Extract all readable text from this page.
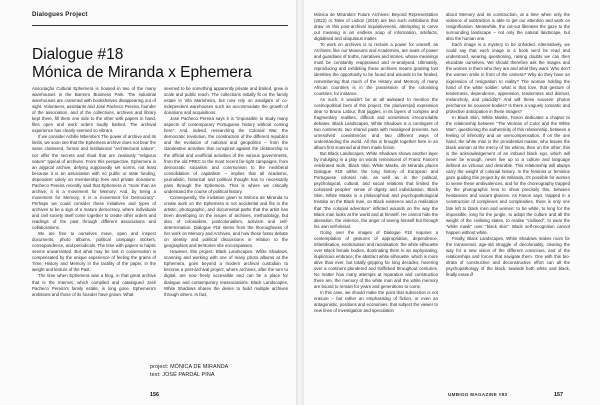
Dialogues Project
Dialogue #18
Mónica de Miranda x Ephemera

Associação Cultural Ephemera is housed in two of the many warehouses in the Barreiro Business Park. The industrial warehouses are crammed with bookshelves disappearing out of sight. Volunteers, assistants and José Pacheco Pereira, founder of the association, and of the collections, archives and library kept there, fill them one side to the other with papers in hand, files open and work orders loudly barked. The archival experience has clearly seemed so vibrant.

If we consider Achille Mbembe's The power of archive and its limits, we soon see that the Ephemera archive does not bear the same cloistered, formal and institutional "architectural nature", nor offer the secrets and ritual that are zealously "religious nature" typical of archives. From this perspective, Ephemera is an atypical archive, defying supposedly set norms, not least because it is an association with no public or state funding, dependent solely on membership fees and private donations. Pacheco Pereira recently said that Ephemera is "more than an archive, it is a movement for Memory. And, by being a movement for Memory, it is a movement for Democracy". Perhaps we could consider these initiatives and types of archives to be a sign of a mature democracy, where individuals and civil society itself come together to create other orders and readings of the past through different associations and collaborations.

We are free to ourselves move, open and inspect documents, photo albums, political campaign stickers, correspondence, and periodicals. The time with papers to haptic seems unwarranted. But what may be lost in conservation is compensated by the unique experience of feeling the grains of Time, History and Memory in the tactility of the paper, in the weight and texture of the Past.

The time when Ephemera was a blog, in that great archive that is the Internet, which compiled and catalogued José Pacheco Pereira's family estate, is long gone. Ephemera's ambitions and those of its founder have grown. What

seemed to be something apparently private and limited, grew in scale and public reach. The collections initially fit on the family estate in Vila Marinheira, but now rely on amalgam of co-independent warehouses such as accommodate the growth of donations and acquisitions.

José Pacheco Pereira says it is "impossible to study many aspects of contemporary Portuguese history without coming here". And, indeed, researching the Colonial War, the democratic revolution, the construction of the different republics and the evolution of national and geopolitics – from the clandestine activities that conspired against the dictatorship to the official and unofficial activities of the various governments, from the old PREC to the most recent far-right campaigns, from democratic socialism and communism to the neoliberal consolidation of capitalism – implies that all academic, journalistic, historical and political thought has to necessarily pass through the Ephemera. That is where we critically understand the course of political history.

Consequently, the invitation given to Mónica de Miranda to create work on the Ephemera is not accidental and fits in the artistic, photographic, and documental paths that the artist has been developing on the issues of archives, methodology, but also of colonialism, postcolonialism, activism and self-determination. Dialogue #18 stems from the thoroughness of her work on Memory and Archives, and how these foster debate on identity and political discussions in relation to the geographies and territories she encompasses.

However, this project, Black Landscapes, White Shadows, scanning and working with one of many photo albums at the Ephemera, goes beyond a modern archival custodian to become a post-archival project, where archives, after the turn to digital, are now freely accessible and can be a place for dialogue and contemporary reassociations. Black Landscapes, White Shadows shares the desire to build multiple archives through others. In fact,

project: MÓNICA DE MIRANDA
text: JOSÉ PARDAL PINA
156

Mónica de Miranda's Future Archives: Beyond Representation (2022) or Tales of Lisbon (2019) are two such exhibitions that draw on this post-archival inquisitiveness, attempting to carve out meaning in an endless soup of information, artefacts, digitalised and ubiquitous matter.

To work on archives is to reclaim a power for oneself, as Archives, like our Museums and Academies, are seats of power and guardians of truths, narratives and stories, whose meanings must be constantly reappraised and re-analysed. Ultimately, reproducing and exhibiting these archives means granting lost identities the opportunity to be found and wounds to be healed, remembering that much of the History and Memory of many African countries is in the possession of the colonising countries, for instance.

As such, it wouldn't be at all awkward to mention the cosmopolitical bent of this project, the plurivers(al) expression dear to Bruno Latour, that juggles, in its layers of complex and fragmentary realities, difficult and sometimes irreconcilable debates. Black Landscapes, White Shadows is a contingent of two continents, two shared pasts with misaligned presents, two unresolved coexistences and two different ways of understanding the world. All this is brought together here in an album first scanned and then made fiction.

But Black Landscapes, White Shadows shows another layer by indulging in a play on words reminiscent of Frantz Fanon's celebrated work, Black Skin, White Masks, de Miranda places Dialogue #18 within the long history of European and Portuguese colonial rule, as well as in the political, psychological, cultural, and social relations that limited the colonised peoples' sense of dignity and individuation. Black Skin, White Masks is a philosophical and psychopathological treatise on the Black man, on Black existence and a realisation that "the colonial adventure" inflicted wounds on the way the Black man looks at the world and at himself. He cannot hide the alienation, the violence, the anger of seeing himself but through his own self-denial.

Going over the images of Dialogue #18 requires a contemplation of gestures of appropriation, dependence, infantilisation, exoticisation and racialisation: the white silhouette over Black female bodies, dominating them in an asphyxiating, duplicitous embrace; the abstract white silhouette, which is more alive than ever, but totally gripping for long decades, hovering over a continent plundered and trafficked throughout centuries. No matter how many attempts at reparation and construction there are, the memory of the white man and the white memory are bound to remain for years and generations to come.

In this case, we should make the point that subsection is not erasure – but rather an emphasising of fiction, or even an antagonistic, positions and economies, that subject the viewer to new lines of investigation and speculation

about Memory and its construction, at a time when only the violence of subtraction is able to get our attention and work on resignification. Meanwhile, the cut-out liberates the gaze to the surrounding landscape – not only the natural landscape, but also the human one.

Each image is a mystery to be unfolded. Alternatively, we could say that each image is a book we'd be read and understood, wearing questioning, raising doubts we can then elucidate ourselves. We should therefore ask the images and the women in them who they are and what they want. Who don't the women smile in front of the camera? Why do they have an expression of resignation to reality? The woman holding the hand of the white soldier: what is that love, that gesture of tenderness, dependence, oppression, tenderness and distrust, melancholy, and placidity? And will these souvenir photos perchance be souvenir-bodies? Is there a vaguely romantic and protective anticipation in these images?

In Black Skin, White Masks, Fanon dedicates a chapter to the relationship between "The Woman of Color and the White Man", questioning the authenticity of this relationship, between a feeling of inferiority and an overcompensation. If on the one hand, the white man is the providential master, who leaves the black woman at the mercy of his whims, then on the other, this is the acknowledgement of an imbued black ego, which will never be enough, never live up to a culture and language defined as virtuous and desirable. This relationship will always carry the weight of colonial history. In the feminist or feminine gaze guiding this project by de Miranda, it's possible for women to sense these ambivalences, and for the choreography trapped by the photographic lens to show precisely this, between hesitancies and vacant glances. As Fanon says, trapped in a construction of complexes and complexities, there is only one fate left to black men and women: to be white, to long for the impossible, long for the jungle, to adopt the culture and all the weight of the civilising states, to realise "civilised", to wear the "white mask" over "black skin". Black self-recognition cannot happen without white.

Finally, Black Landscapes, White Shadows makes room for the transversal, age-old struggle of decoloniality, clearing the way for a new vision of the different conscious, and of the relationships and forces that navigate them. One with this bio-strata of constructive and deconstructive effort can all the psychopathology of the black, towards both white and black, finally erase //

UMBIGO MAGAZINE #83	157
